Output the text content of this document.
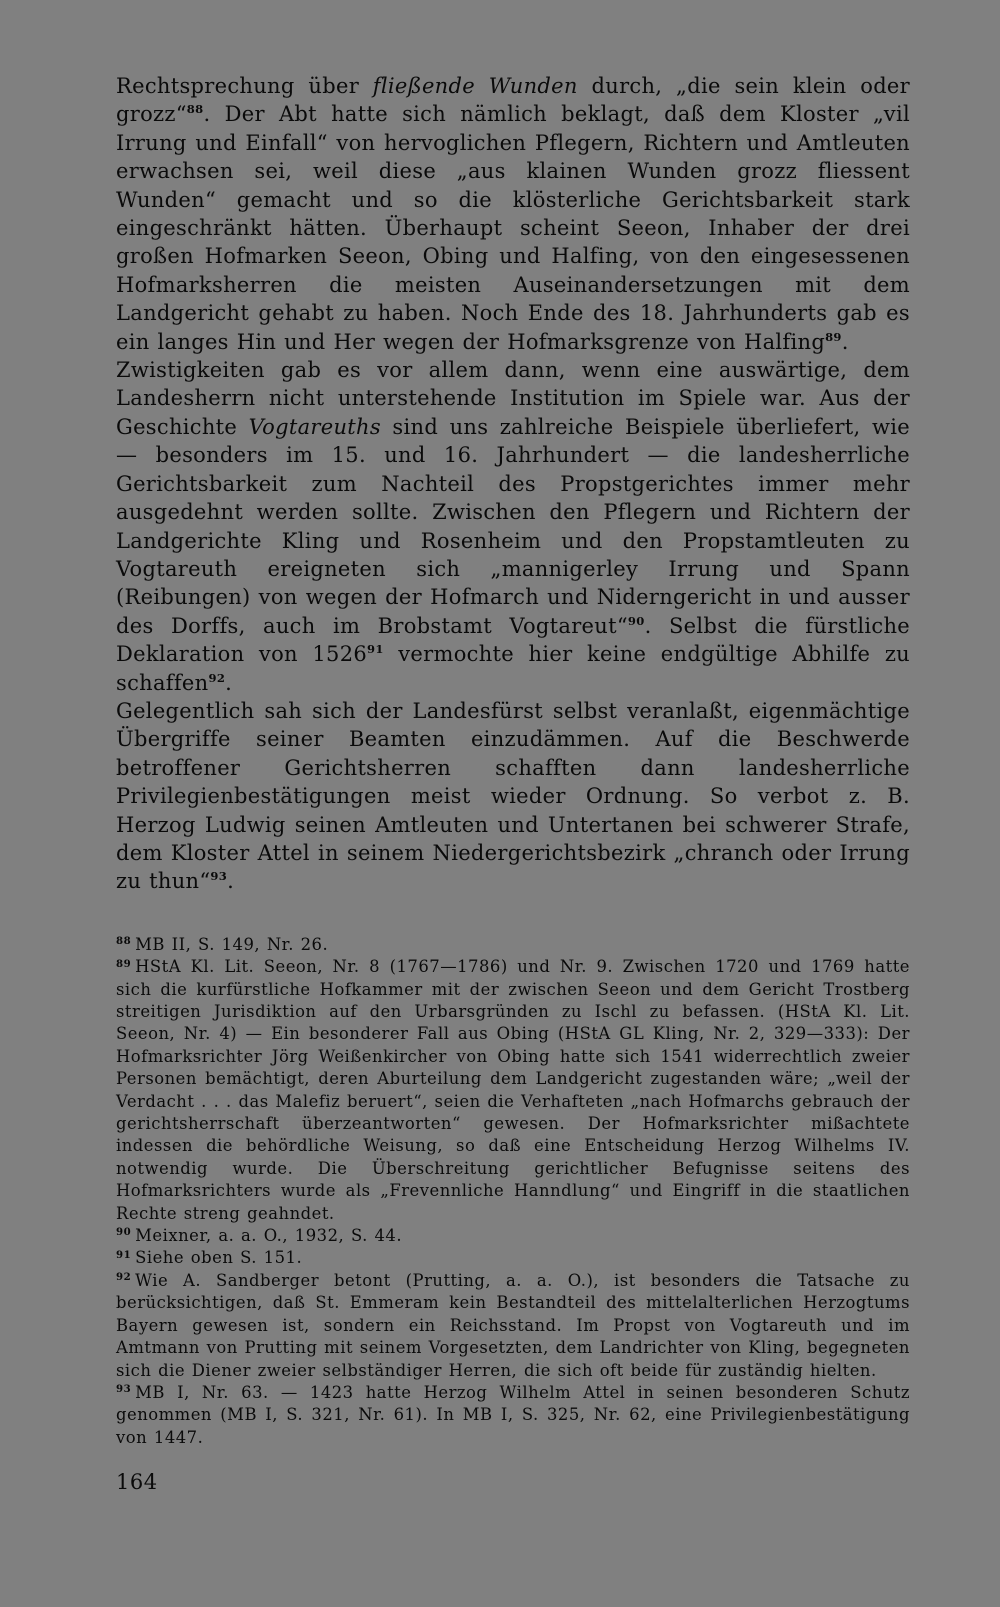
Rechtsprechung über fließende Wunden durch, „die sein klein oder grozz“$^{88}$. Der Abt hatte sich nämlich beklagt, daß dem Kloster „vil Irrung und Einfall“ von hervoglichen Pflegern, Richtern und Amtleuten erwachsen sei, weil diese „aus klainen Wunden grozz fliessent Wunden“ gemacht und so die klösterliche Gerichtsbarkeit stark eingeschränkt hätten. Überhaupt scheint Seeon, Inhaber der drei großen Hofmarken Seeon, Obing und Halfing, von den eingesessenen Hofmarksherren die meisten Auseinandersetzungen mit dem Landgericht gehabt zu haben. Noch Ende des 18. Jahrhunderts gab es ein langes Hin und Her wegen der Hofmarksgrenze von Halfing$^{89}$.

Zwistigkeiten gab es vor allem dann, wenn eine auswärtige, dem Landesherrn nicht unterstehende Institution im Spiele war. Aus der Geschichte Vogtareuths sind uns zahlreiche Beispiele überliefert, wie — besonders im 15. und 16. Jahrhundert — die landesherrliche Gerichtsbarkeit zum Nachteil des Propstgerichtes immer mehr ausgedehnt werden sollte. Zwischen den Pflegern und Richtern der Landgerichte Kling und Rosenheim und den Propstamtleuten zu Vogtareuth ereigneten sich „mannigerley Irrung und Spann (Reibungen) von wegen der Hofmarch und Niderngericht in und ausser des Dorffs, auch im Brobstamt Vogtareut“$^{90}$. Selbst die fürstliche Deklaration von 1526$^{91}$ vermochte hier keine endgültige Abhilfe zu schaffen$^{92}$.

Gelegentlich sah sich der Landesfürst selbst veranlaßt, eigenmächtige Übergriffe seiner Beamten einzudämmen. Auf die Beschwerde betroffener Gerichtsherren schafften dann landesherrliche Privilegienbestätigungen meist wieder Ordnung. So verbot z. B. Herzog Ludwig seinen Amtleuten und Untertanen bei schwerer Strafe, dem Kloster Attel in seinem Niedergerichtsbezirk „chranch oder Irrung zu thun“$^{93}$.

$^{88}$ MB II, S. 149, Nr. 26.

$^{89}$ HStA Kl. Lit. Seeon, Nr. 8 (1767—1786) und Nr. 9. Zwischen 1720 und 1769 hatte sich die kurfürstliche Hofkammer mit der zwischen Seeon und dem Gericht Trostberg streitigen Jurisdiktion auf den Urbarsgründen zu Ischl zu befassen. (HStA Kl. Lit. Seeon, Nr. 4) — Ein besonderer Fall aus Obing (HStA GL Kling, Nr. 2, 329—333): Der Hofmarksrichter Jörg Weißenkircher von Obing hatte sich 1541 widerrechtlich zweier Personen bemächtigt, deren Aburteilung dem Landgericht zugestanden wäre; „weil der Verdacht . . . das Malefiz beruert“, seien die Verhafteten „nach Hofmarchs gebrauch der gerichtsherrschaft überzeantworten“ gewesen. Der Hofmarksrichter mißachtete indessen die behördliche Weisung, so daß eine Entscheidung Herzog Wilhelms IV. notwendig wurde. Die Überschreitung gerichtlicher Befugnisse seitens des Hofmarksrichters wurde als „Frevennliche Hanndlung“ und Eingriff in die staatlichen Rechte streng geahndet.

$^{90}$ Meixner, a. a. O., 1932, S. 44.

$^{91}$ Siehe oben S. 151.

$^{92}$ Wie A. Sandberger betont (Prutting, a. a. O.), ist besonders die Tatsache zu berücksichtigen, daß St. Emmeram kein Bestandteil des mittelalterlichen Herzogtums Bayern gewesen ist, sondern ein Reichsstand. Im Propst von Vogtareuth und im Amtmann von Prutting mit seinem Vorgesetzten, dem Landrichter von Kling, begegneten sich die Diener zweier selbständiger Herren, die sich oft beide für zuständig hielten.

$^{93}$ MB I, Nr. 63. — 1423 hatte Herzog Wilhelm Attel in seinen besonderen Schutz genommen (MB I, S. 321, Nr. 61). In MB I, S. 325, Nr. 62, eine Privilegienbestätigung von 1447.

164
